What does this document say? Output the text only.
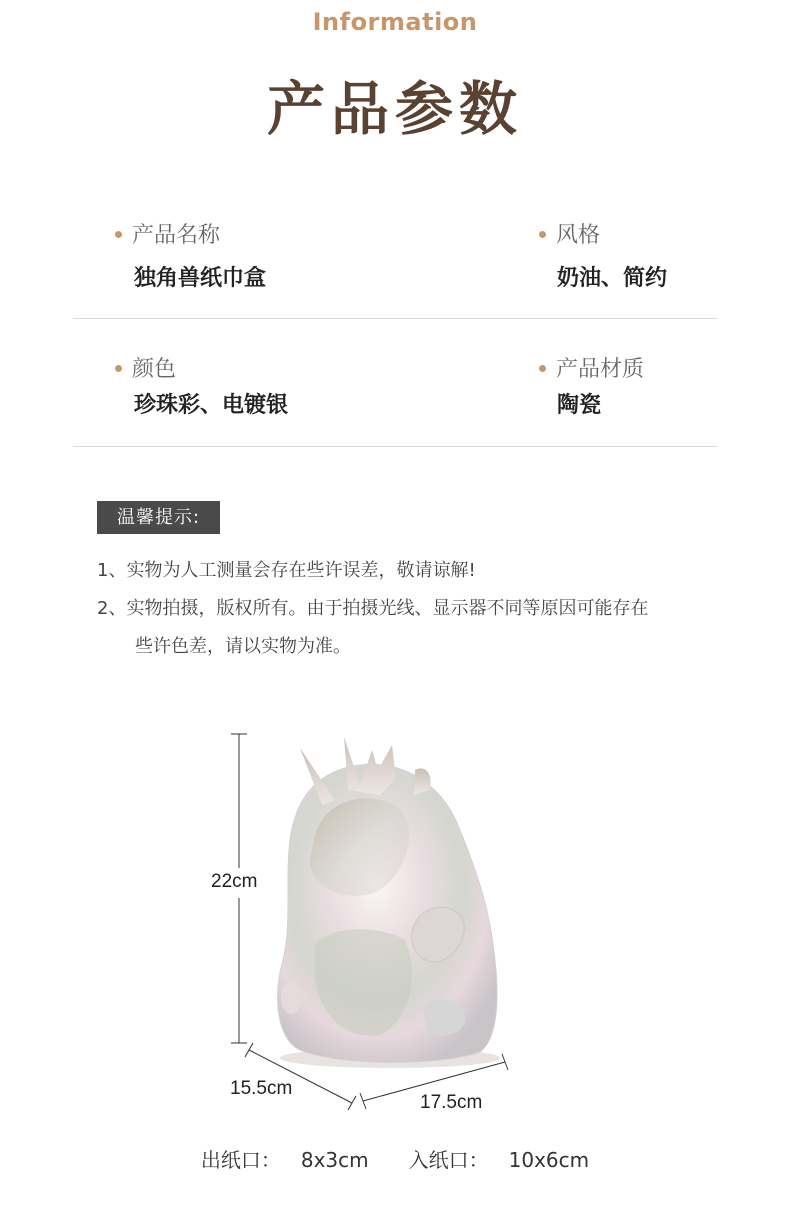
Information
产品参数
产品名称
独角兽纸巾盒
风格
奶油、简约
颜色
珍珠彩、电镀银
产品材质
陶瓷
温馨提示:
1、实物为人工测量会存在些许误差，敬请谅解!
2、实物拍摄，版权所有。由于拍摄光线、显示器不同等原因可能存在
些许色差，请以实物为准。
22cm
15.5cm
17.5cm
出纸口： 8x3cm 入纸口： 10x6cm
